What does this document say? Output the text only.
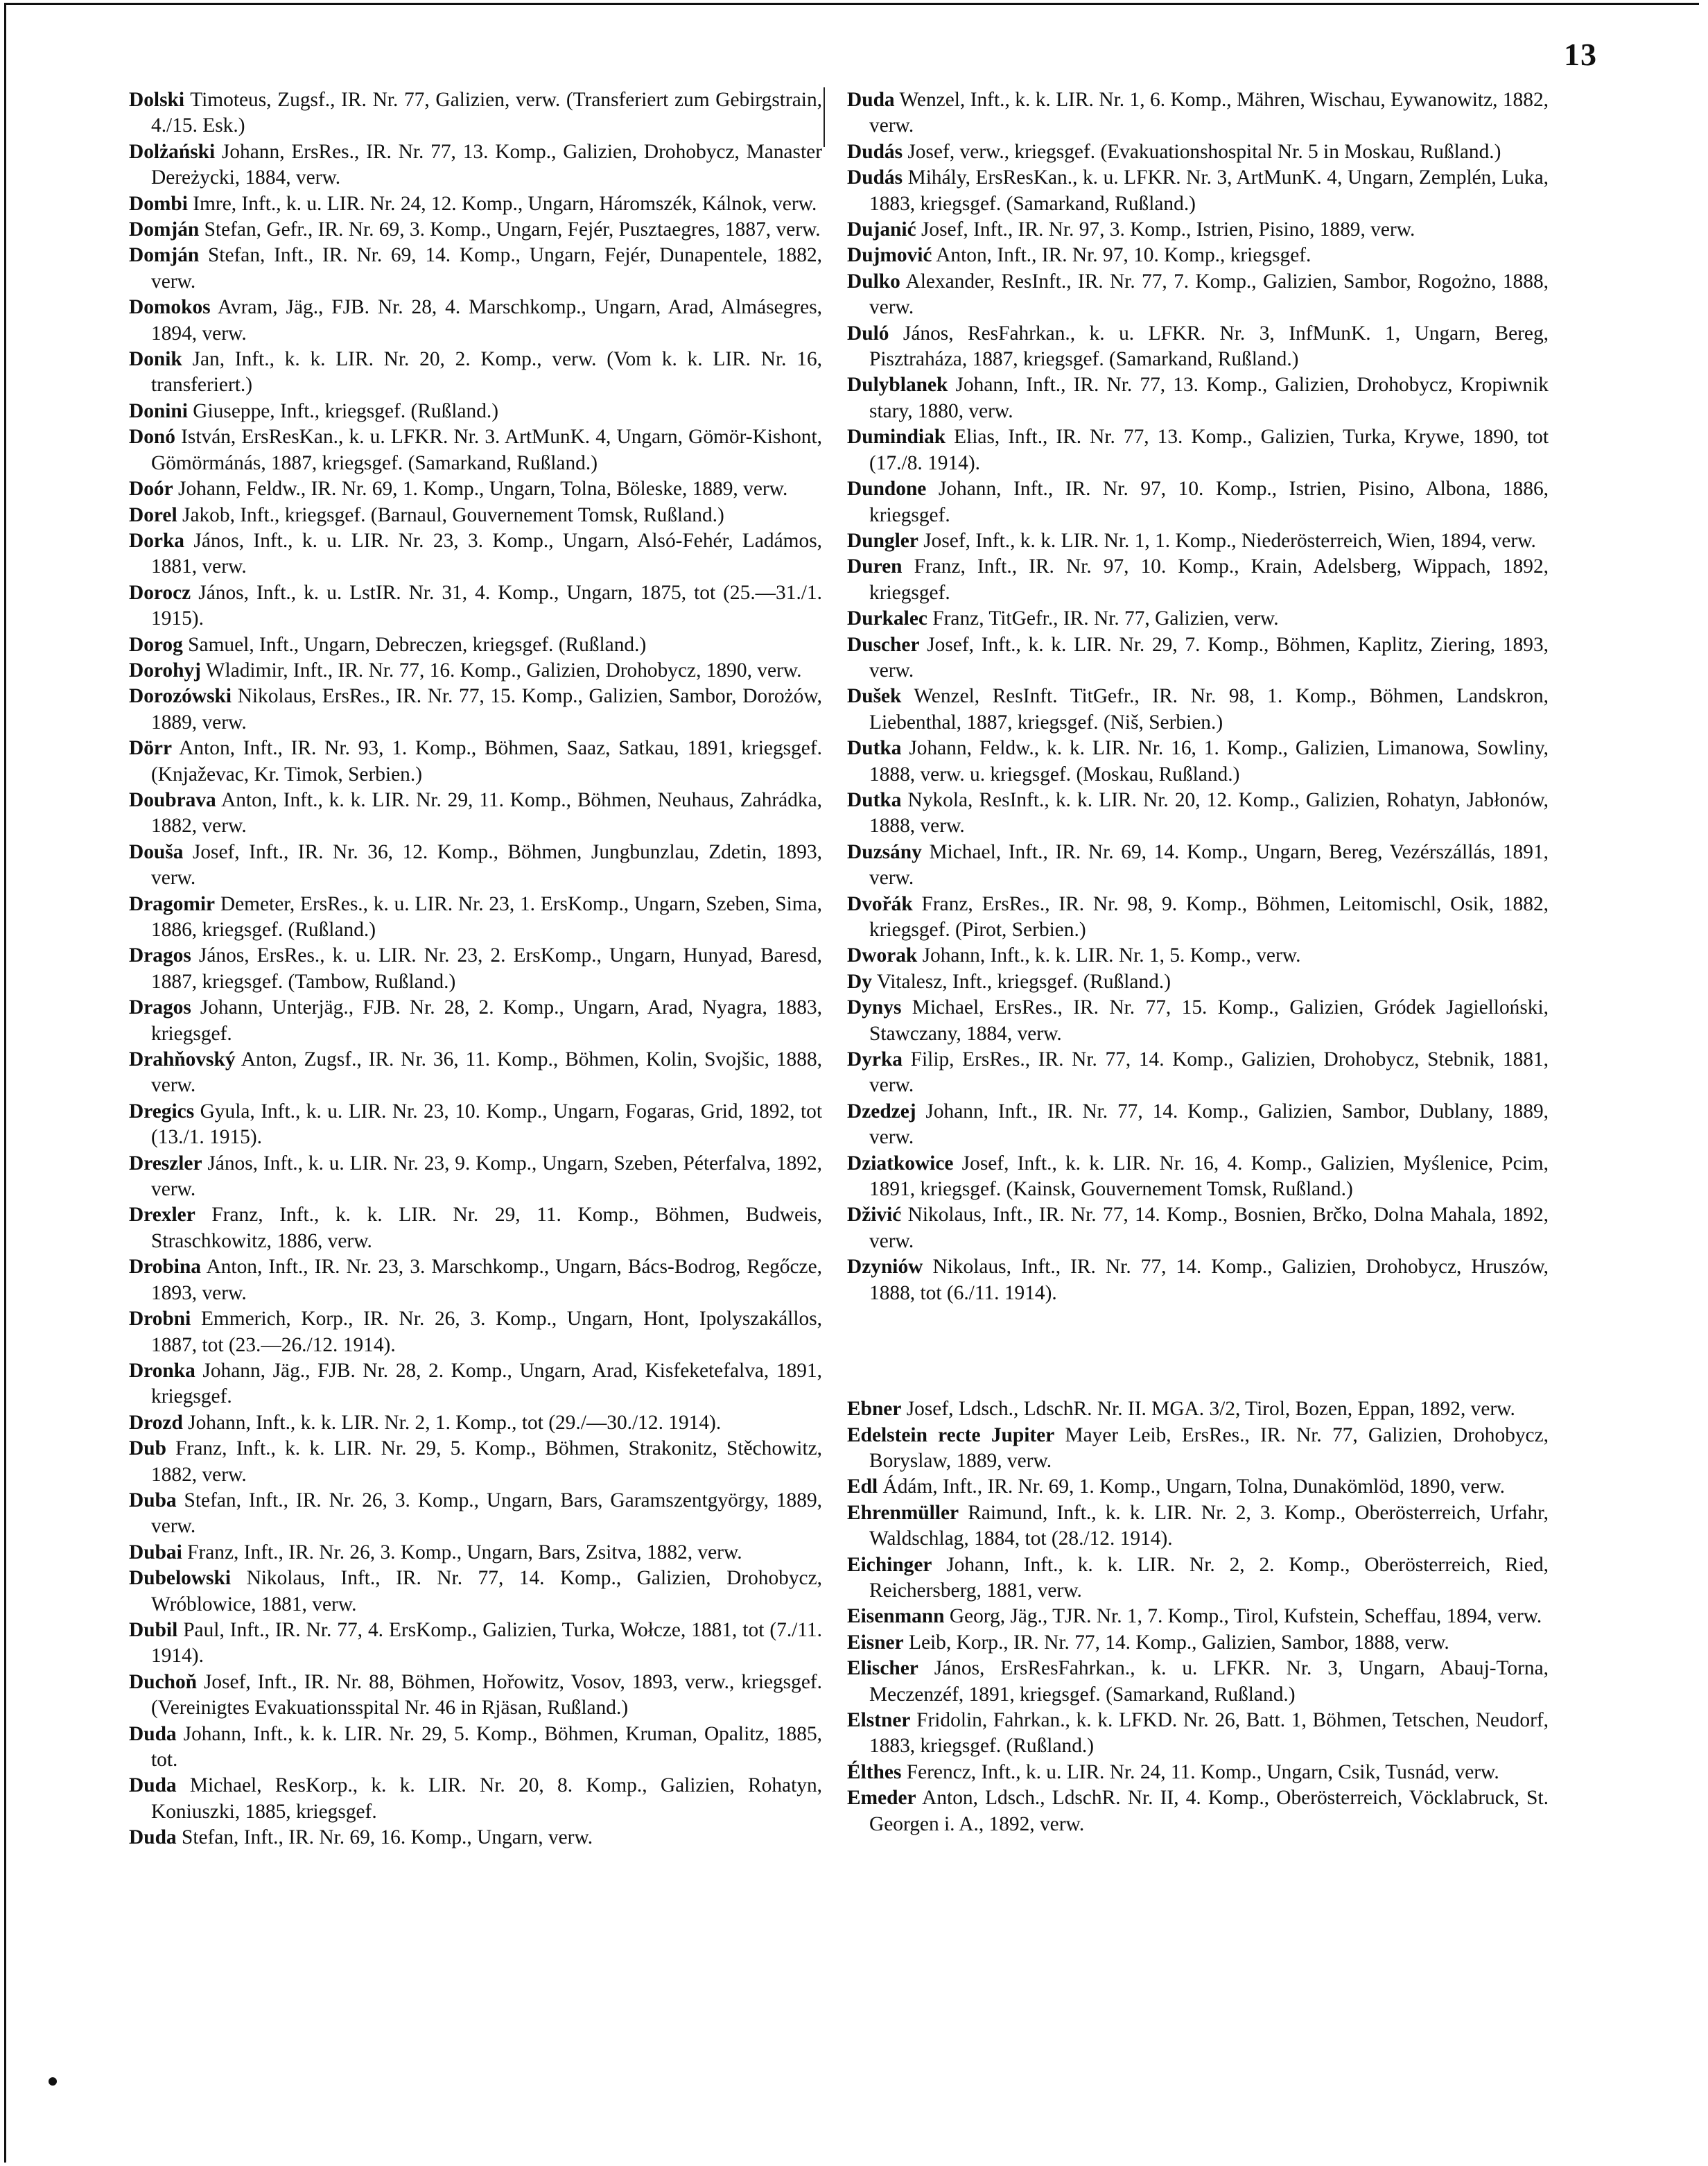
13

Dolski Timoteus, Zugsf., IR. Nr. 77, Galizien, verw. (Transferiert zum Gebirgstrain, 4./15. Esk.)

Dolżański Johann, ErsRes., IR. Nr. 77, 13. Komp., Galizien, Drohobycz, Manaster Dereżycki, 1884, verw.

Dombi Imre, Inft., k. u. LIR. Nr. 24, 12. Komp., Ungarn, Háromszék, Kálnok, verw.

Domján Stefan, Gefr., IR. Nr. 69, 3. Komp., Ungarn, Fejér, Pusztaegres, 1887, verw.

Domján Stefan, Inft., IR. Nr. 69, 14. Komp., Ungarn, Fejér, Dunapentele, 1882, verw.

Domokos Avram, Jäg., FJB. Nr. 28, 4. Marschkomp., Ungarn, Arad, Almásegres, 1894, verw.

Donik Jan, Inft., k. k. LIR. Nr. 20, 2. Komp., verw. (Vom k. k. LIR. Nr. 16, transferiert.)

Donini Giuseppe, Inft., kriegsgef. (Rußland.)

Donó István, ErsResKan., k. u. LFKR. Nr. 3. ArtMunK. 4, Ungarn, Gömör-Kishont, Gömörmánás, 1887, kriegsgef. (Samarkand, Rußland.)

Doór Johann, Feldw., IR. Nr. 69, 1. Komp., Ungarn, Tolna, Böleske, 1889, verw.

Dorel Jakob, Inft., kriegsgef. (Barnaul, Gouvernement Tomsk, Rußland.)

Dorka János, Inft., k. u. LIR. Nr. 23, 3. Komp., Ungarn, Alsó-Fehér, Ladámos, 1881, verw.

Dorocz János, Inft., k. u. LstIR. Nr. 31, 4. Komp., Ungarn, 1875, tot (25.—31./1. 1915).

Dorog Samuel, Inft., Ungarn, Debreczen, kriegsgef. (Rußland.)

Dorohyj Wladimir, Inft., IR. Nr. 77, 16. Komp., Galizien, Drohobycz, 1890, verw.

Dorozówski Nikolaus, ErsRes., IR. Nr. 77, 15. Komp., Galizien, Sambor, Dorożów, 1889, verw.

Dörr Anton, Inft., IR. Nr. 93, 1. Komp., Böhmen, Saaz, Satkau, 1891, kriegsgef. (Knjaževac, Kr. Timok, Serbien.)

Doubrava Anton, Inft., k. k. LIR. Nr. 29, 11. Komp., Böhmen, Neuhaus, Zahrádka, 1882, verw.

Douša Josef, Inft., IR. Nr. 36, 12. Komp., Böhmen, Jungbunzlau, Zdetin, 1893, verw.

Dragomir Demeter, ErsRes., k. u. LIR. Nr. 23, 1. ErsKomp., Ungarn, Szeben, Sima, 1886, kriegsgef. (Rußland.)

Dragos János, ErsRes., k. u. LIR. Nr. 23, 2. ErsKomp., Ungarn, Hunyad, Baresd, 1887, kriegsgef. (Tambow, Rußland.)

Dragos Johann, Unterjäg., FJB. Nr. 28, 2. Komp., Ungarn, Arad, Nyagra, 1883, kriegsgef.

Drahňovský Anton, Zugsf., IR. Nr. 36, 11. Komp., Böhmen, Kolin, Svojšic, 1888, verw.

Dregics Gyula, Inft., k. u. LIR. Nr. 23, 10. Komp., Ungarn, Fogaras, Grid, 1892, tot (13./1. 1915).

Dreszler János, Inft., k. u. LIR. Nr. 23, 9. Komp., Ungarn, Szeben, Péterfalva, 1892, verw.

Drexler Franz, Inft., k. k. LIR. Nr. 29, 11. Komp., Böhmen, Budweis, Straschkowitz, 1886, verw.

Drobina Anton, Inft., IR. Nr. 23, 3. Marschkomp., Ungarn, Bács-Bodrog, Regőcze, 1893, verw.

Drobni Emmerich, Korp., IR. Nr. 26, 3. Komp., Ungarn, Hont, Ipolyszakállos, 1887, tot (23.—26./12. 1914).

Dronka Johann, Jäg., FJB. Nr. 28, 2. Komp., Ungarn, Arad, Kisfeketefalva, 1891, kriegsgef.

Drozd Johann, Inft., k. k. LIR. Nr. 2, 1. Komp., tot (29./—30./12. 1914).

Dub Franz, Inft., k. k. LIR. Nr. 29, 5. Komp., Böhmen, Strakonitz, Stěchowitz, 1882, verw.

Duba Stefan, Inft., IR. Nr. 26, 3. Komp., Ungarn, Bars, Garamszentgyörgy, 1889, verw.

Dubai Franz, Inft., IR. Nr. 26, 3. Komp., Ungarn, Bars, Zsitva, 1882, verw.

Dubelowski Nikolaus, Inft., IR. Nr. 77, 14. Komp., Galizien, Drohobycz, Wróblowice, 1881, verw.

Dubil Paul, Inft., IR. Nr. 77, 4. ErsKomp., Galizien, Turka, Wołcze, 1881, tot (7./11. 1914).

Duchoň Josef, Inft., IR. Nr. 88, Böhmen, Hořowitz, Vosov, 1893, verw., kriegsgef. (Vereinigtes Evakuationsspital Nr. 46 in Rjäsan, Rußland.)

Duda Johann, Inft., k. k. LIR. Nr. 29, 5. Komp., Böhmen, Kruman, Opalitz, 1885, tot.

Duda Michael, ResKorp., k. k. LIR. Nr. 20, 8. Komp., Galizien, Rohatyn, Koniuszki, 1885, kriegsgef.

Duda Stefan, Inft., IR. Nr. 69, 16. Komp., Ungarn, verw.

Duda Wenzel, Inft., k. k. LIR. Nr. 1, 6. Komp., Mähren, Wischau, Eywanowitz, 1882, verw.

Dudás Josef, verw., kriegsgef. (Evakuationshospital Nr. 5 in Moskau, Rußland.)

Dudás Mihály, ErsResKan., k. u. LFKR. Nr. 3, ArtMunK. 4, Ungarn, Zemplén, Luka, 1883, kriegsgef. (Samarkand, Rußland.)

Dujanić Josef, Inft., IR. Nr. 97, 3. Komp., Istrien, Pisino, 1889, verw.

Dujmović Anton, Inft., IR. Nr. 97, 10. Komp., kriegsgef.

Dulko Alexander, ResInft., IR. Nr. 77, 7. Komp., Galizien, Sambor, Rogożno, 1888, verw.

Duló János, ResFahrkan., k. u. LFKR. Nr. 3, InfMunK. 1, Ungarn, Bereg, Pisztraháza, 1887, kriegsgef. (Samarkand, Rußland.)

Dulyblanek Johann, Inft., IR. Nr. 77, 13. Komp., Galizien, Drohobycz, Kropiwnik stary, 1880, verw.

Dumindiak Elias, Inft., IR. Nr. 77, 13. Komp., Galizien, Turka, Krywe, 1890, tot (17./8. 1914).

Dundone Johann, Inft., IR. Nr. 97, 10. Komp., Istrien, Pisino, Albona, 1886, kriegsgef.

Dungler Josef, Inft., k. k. LIR. Nr. 1, 1. Komp., Niederösterreich, Wien, 1894, verw.

Duren Franz, Inft., IR. Nr. 97, 10. Komp., Krain, Adelsberg, Wippach, 1892, kriegsgef.

Durkalec Franz, TitGefr., IR. Nr. 77, Galizien, verw.

Duscher Josef, Inft., k. k. LIR. Nr. 29, 7. Komp., Böhmen, Kaplitz, Ziering, 1893, verw.

Dušek Wenzel, ResInft. TitGefr., IR. Nr. 98, 1. Komp., Böhmen, Landskron, Liebenthal, 1887, kriegsgef. (Niš, Serbien.)

Dutka Johann, Feldw., k. k. LIR. Nr. 16, 1. Komp., Galizien, Limanowa, Sowliny, 1888, verw. u. kriegsgef. (Moskau, Rußland.)

Dutka Nykola, ResInft., k. k. LIR. Nr. 20, 12. Komp., Galizien, Rohatyn, Jabłonów, 1888, verw.

Duzsány Michael, Inft., IR. Nr. 69, 14. Komp., Ungarn, Bereg, Vezérszállás, 1891, verw.

Dvořák Franz, ErsRes., IR. Nr. 98, 9. Komp., Böhmen, Leitomischl, Osik, 1882, kriegsgef. (Pirot, Serbien.)

Dworak Johann, Inft., k. k. LIR. Nr. 1, 5. Komp., verw.

Dy Vitalesz, Inft., kriegsgef. (Rußland.)

Dynys Michael, ErsRes., IR. Nr. 77, 15. Komp., Galizien, Gródek Jagielloński, Stawczany, 1884, verw.

Dyrka Filip, ErsRes., IR. Nr. 77, 14. Komp., Galizien, Drohobycz, Stebnik, 1881, verw.

Dzedzej Johann, Inft., IR. Nr. 77, 14. Komp., Galizien, Sambor, Dublany, 1889, verw.

Dziatkowice Josef, Inft., k. k. LIR. Nr. 16, 4. Komp., Galizien, Myślenice, Pcim, 1891, kriegsgef. (Kainsk, Gouvernement Tomsk, Rußland.)

Dživić Nikolaus, Inft., IR. Nr. 77, 14. Komp., Bosnien, Brčko, Dolna Mahala, 1892, verw.

Dzyniów Nikolaus, Inft., IR. Nr. 77, 14. Komp., Galizien, Drohobycz, Hruszów, 1888, tot (6./11. 1914).

Ebner Josef, Ldsch., LdschR. Nr. II. MGA. 3/2, Tirol, Bozen, Eppan, 1892, verw.

Edelstein recte Jupiter Mayer Leib, ErsRes., IR. Nr. 77, Galizien, Drohobycz, Boryslaw, 1889, verw.

Edl Ádám, Inft., IR. Nr. 69, 1. Komp., Ungarn, Tolna, Dunakömlöd, 1890, verw.

Ehrenmüller Raimund, Inft., k. k. LIR. Nr. 2, 3. Komp., Oberösterreich, Urfahr, Waldschlag, 1884, tot (28./12. 1914).

Eichinger Johann, Inft., k. k. LIR. Nr. 2, 2. Komp., Oberösterreich, Ried, Reichersberg, 1881, verw.

Eisenmann Georg, Jäg., TJR. Nr. 1, 7. Komp., Tirol, Kufstein, Scheffau, 1894, verw.

Eisner Leib, Korp., IR. Nr. 77, 14. Komp., Galizien, Sambor, 1888, verw.

Elischer János, ErsResFahrkan., k. u. LFKR. Nr. 3, Ungarn, Abauj-Torna, Meczenzéf, 1891, kriegsgef. (Samarkand, Rußland.)

Elstner Fridolin, Fahrkan., k. k. LFKD. Nr. 26, Batt. 1, Böhmen, Tetschen, Neudorf, 1883, kriegsgef. (Rußland.)

Élthes Ferencz, Inft., k. u. LIR. Nr. 24, 11. Komp., Ungarn, Csik, Tusnád, verw.

Emeder Anton, Ldsch., LdschR. Nr. II, 4. Komp., Oberösterreich, Vöcklabruck, St. Georgen i. A., 1892, verw.
